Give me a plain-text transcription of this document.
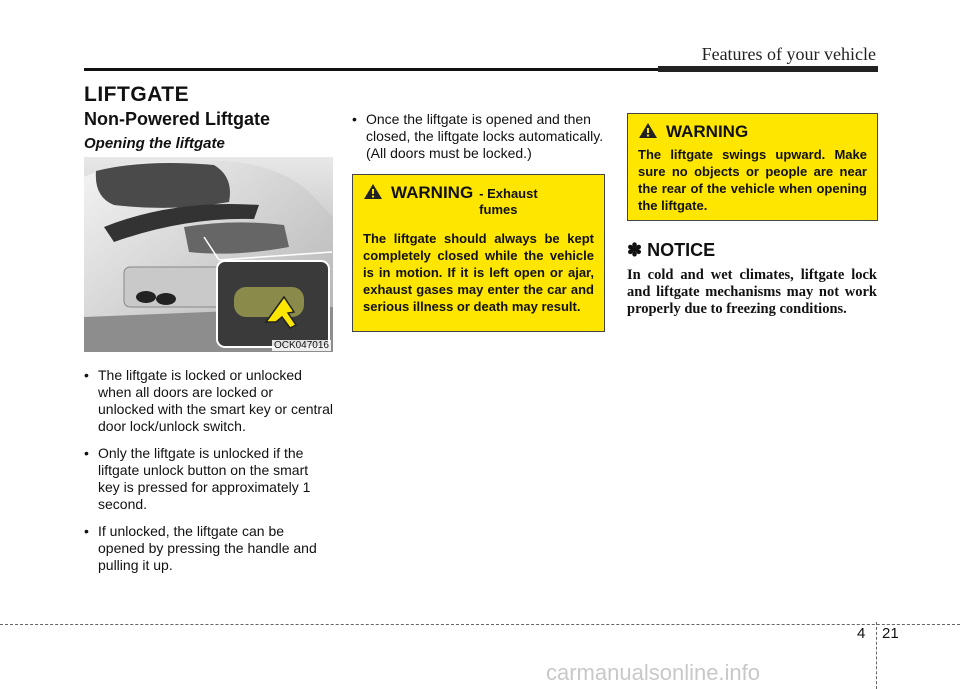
Features of your vehicle
LIFTGATE
Non-Powered Liftgate
Opening the liftgate
OCK047016
• The liftgate is locked or unlocked when all doors are locked or unlocked with the smart key or central door lock/unlock switch.
• Only the liftgate is unlocked if the liftgate unlock button on the smart key is pressed for approximately 1 second.
• If unlocked, the liftgate can be opened by pressing the handle and pulling it up.
• Once the liftgate is opened and then closed, the liftgate locks automatically. (All doors must be locked.)
WARNING - Exhaust fumes
The liftgate should always be kept completely closed while the vehicle is in motion. If it is left open or ajar, exhaust gases may enter the car and serious illness or death may result.
WARNING
The liftgate swings upward. Make sure no objects or people are near the rear of the vehicle when opening the liftgate.
✽ NOTICE
In cold and wet climates, liftgate lock and liftgate mechanisms may not work properly due to freezing conditions.
4 21
carmanualsonline.info
